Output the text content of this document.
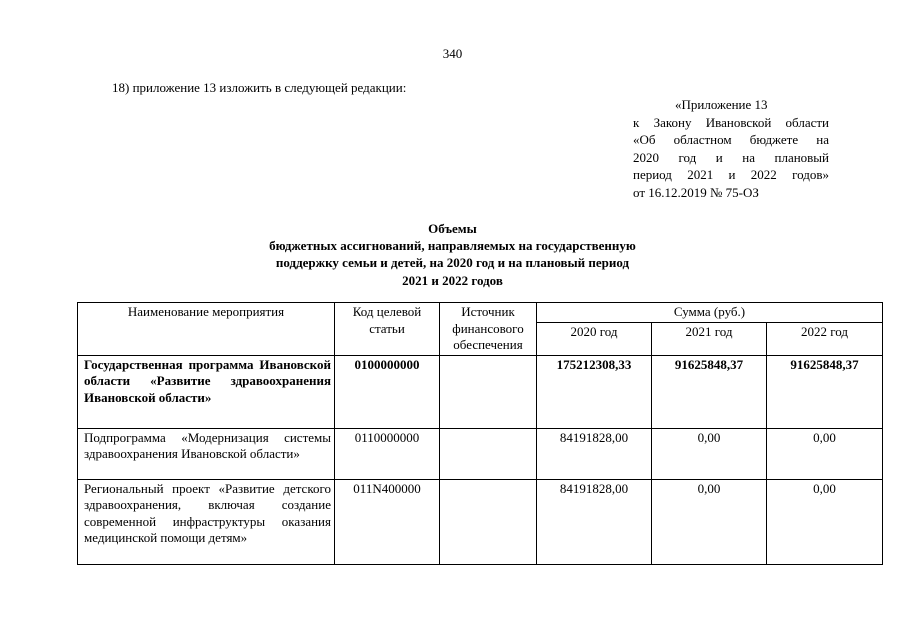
340
18) приложение 13 изложить в следующей редакции:
«Приложение 13
к Закону Ивановской области
«Об областном бюджете на
2020 год и на плановый
период 2021 и 2022 годов»
от 16.12.2019 № 75-ОЗ
Объемы
бюджетных ассигнований, направляемых на государственную
поддержку семьи и детей, на 2020 год и на плановый период
2021 и 2022 годов
Наименование мероприятия	Код целевой статьи	Источник финансового обеспечения	Сумма (руб.)		
			2020 год	2021 год	2022 год
Государственная программа Ивановской области «Развитие здравоохранения Ивановской области»	0100000000		175212308,33	91625848,37	91625848,37
Подпрограмма «Модернизация системы здравоохранения Ивановской области»	0110000000		84191828,00	0,00	0,00
Региональный проект «Развитие детского здравоохранения, включая создание современной инфраструктуры оказания медицинской помощи детям»	011N400000		84191828,00	0,00	0,00
